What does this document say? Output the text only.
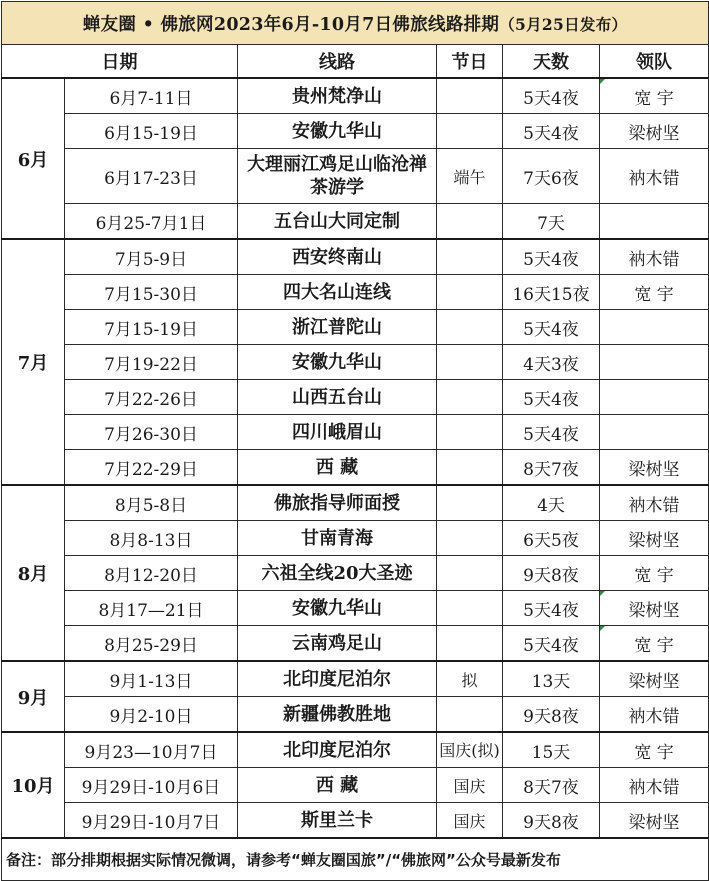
蝉友圈 • 佛旅网2023年6月-10月7日佛旅线路排期（5月25日发布）					
日期		线路	节日	天数	领队
6月	6月7-11日	贵州梵净山		5天4夜	宽 宇
	6月15-19日	安徽九华山		5天4夜	梁树坚
	6月17-23日	大理丽江鸡足山临沧禅茶游学	端午	7天6夜	衲木错
	6月25-7月1日	五台山大同定制		7天	
7月	7月5-9日	西安终南山		5天4夜	衲木错
	7月15-30日	四大名山连线		16天15夜	宽 宇
	7月15-19日	浙江普陀山		5天4夜	
	7月19-22日	安徽九华山		4天3夜	
	7月22-26日	山西五台山		5天4夜	
	7月26-30日	四川峨眉山		5天4夜	
	7月22-29日	西 藏		8天7夜	梁树坚
8月	8月5-8日	佛旅指导师面授		4天	衲木错
	8月8-13日	甘南青海		6天5夜	梁树坚
	8月12-20日	六祖全线20大圣迹		9天8夜	宽 宇
	8月17—21日	安徽九华山		5天4夜	梁树坚
	8月25-29日	云南鸡足山		5天4夜	宽 宇
9月	9月1-13日	北印度尼泊尔	拟	13天	梁树坚
	9月2-10日	新疆佛教胜地		9天8夜	衲木错
10月	9月23—10月7日	北印度尼泊尔	国庆(拟)	15天	宽 宇
	9月29日-10月6日	西 藏	国庆	8天7夜	衲木错
	9月29日-10月7日	斯里兰卡	国庆	9天8夜	梁树坚
备注：部分排期根据实际情况微调，请参考“蝉友圈国旅”/“佛旅网”公众号最新发布					
